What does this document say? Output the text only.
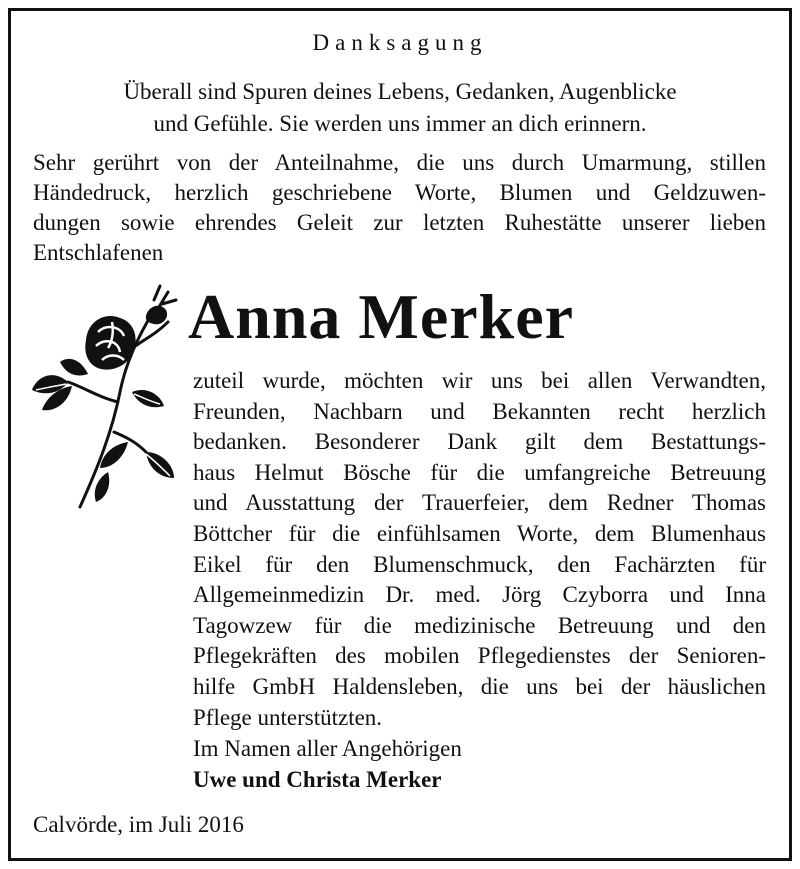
Danksagung
Überall sind Spuren deines Lebens, Gedanken, Augenblicke
und Gefühle. Sie werden uns immer an dich erinnern.
Sehr gerührt von der Anteilnahme, die uns durch Umarmung, stillen
Händedruck, herzlich geschriebene Worte, Blumen und Geldzuwen-
dungen sowie ehrendes Geleit zur letzten Ruhestätte unserer lieben
Entschlafenen
Anna Merker
zuteil wurde, möchten wir uns bei allen Verwandten,
Freunden, Nachbarn und Bekannten recht herzlich
bedanken. Besonderer Dank gilt dem Bestattungs-
haus Helmut Bösche für die umfangreiche Betreuung
und Ausstattung der Trauerfeier, dem Redner Thomas
Böttcher für die einfühlsamen Worte, dem Blumenhaus
Eikel für den Blumenschmuck, den Fachärzten für
Allgemeinmedizin Dr. med. Jörg Czyborra und Inna
Tagowzew für die medizinische Betreuung und den
Pflegekräften des mobilen Pflegedienstes der Senioren-
hilfe GmbH Haldensleben, die uns bei der häuslichen
Pflege unterstützten.
Im Namen aller Angehörigen
Uwe und Christa Merker
Calvörde, im Juli 2016
